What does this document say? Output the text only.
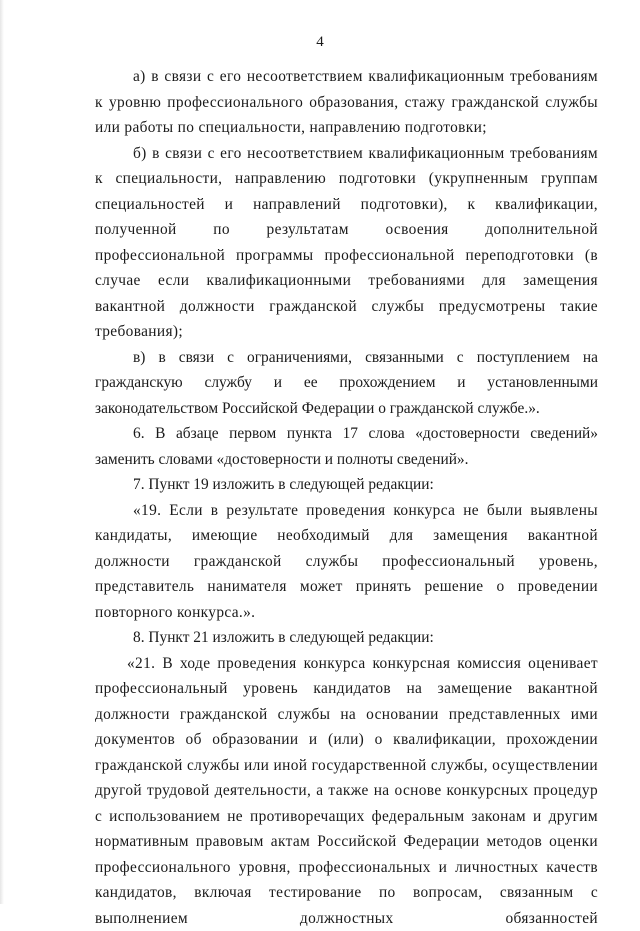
4

а) в связи с его несоответствием квалификационным требованиям к уровню профессионального образования, стажу гражданской службы или работы по специальности, направлению подготовки;

б) в связи с его несоответствием квалификационным требованиям к специальности, направлению подготовки (укрупненным группам специальностей и направлений подготовки), к квалификации, полученной по результатам освоения дополнительной профессиональной программы профессиональной переподготовки (в случае если квалификационными требованиями для замещения вакантной должности гражданской службы предусмотрены такие требования);

в) в связи с ограничениями, связанными с поступлением на гражданскую службу и ее прохождением и установленными законодательством Российской Федерации о гражданской службе.».

6. В абзаце первом пункта 17 слова «достоверности сведений» заменить словами «достоверности и полноты сведений».

7. Пункт 19 изложить в следующей редакции:

«19. Если в результате проведения конкурса не были выявлены кандидаты, имеющие необходимый для замещения вакантной должности гражданской службы профессиональный уровень, представитель нанимателя может принять решение о проведении повторного конкурса.».

8. Пункт 21 изложить в следующей редакции:

«21. В ходе проведения конкурса конкурсная комиссия оценивает профессиональный уровень кандидатов на замещение вакантной должности гражданской службы на основании представленных ими документов об образовании и (или) о квалификации, прохождении гражданской службы или иной государственной службы, осуществлении другой трудовой деятельности, а также на основе конкурсных процедур с использованием не противоречащих федеральным законам и другим нормативным правовым актам Российской Федерации методов оценки профессионального уровня, профессиональных и личностных качеств кандидатов, включая тестирование по вопросам, связанным с выполнением должностных обязанностей
